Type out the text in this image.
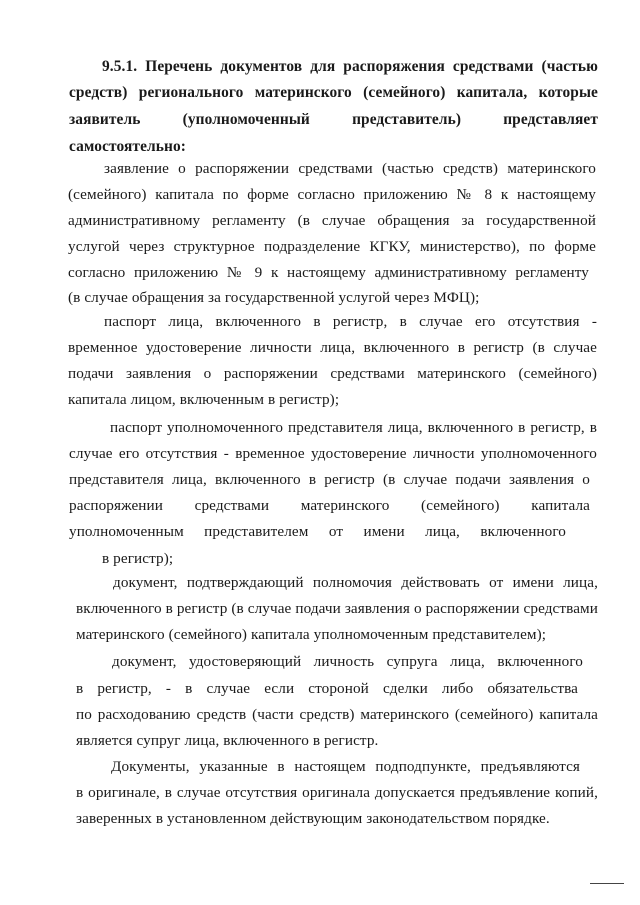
9.5.1. Перечень документов для распоряжения средствами (частью
средств) регионального материнского (семейного) капитала, которые
заявитель (уполномоченный представитель) представляет
самостоятельно:
заявление о распоряжении средствами (частью средств) материнского
(семейного) капитала по форме согласно приложению № 8 к настоящему
административному регламенту (в случае обращения за государственной
услугой через структурное подразделение КГКУ, министерство), по форме
согласно приложению № 9 к настоящему административному регламенту
(в случае обращения за государственной услугой через МФЦ);
паспорт лица, включенного в регистр, в случае его отсутствия -
временное удостоверение личности лица, включенного в регистр (в случае
подачи заявления о распоряжении средствами материнского (семейного)
капитала лицом, включенным в регистр);
паспорт уполномоченного представителя лица, включенного в регистр, в
случае его отсутствия - временное удостоверение личности уполномоченного
представителя лица, включенного в регистр (в случае подачи заявления о
распоряжении средствами материнского (семейного) капитала
уполномоченным представителем от имени лица, включенного
в регистр);
документ, подтверждающий полномочия действовать от имени лица,
включенного в регистр (в случае подачи заявления о распоряжении средствами
материнского (семейного) капитала уполномоченным представителем);
документ, удостоверяющий личность супруга лица, включенного
в регистр, - в случае если стороной сделки либо обязательства
по расходованию средств (части средств) материнского (семейного) капитала
является супруг лица, включенного в регистр.
Документы, указанные в настоящем подподпункте, предъявляются
в оригинале, в случае отсутствия оригинала допускается предъявление копий,
заверенных в установленном действующим законодательством порядке.
